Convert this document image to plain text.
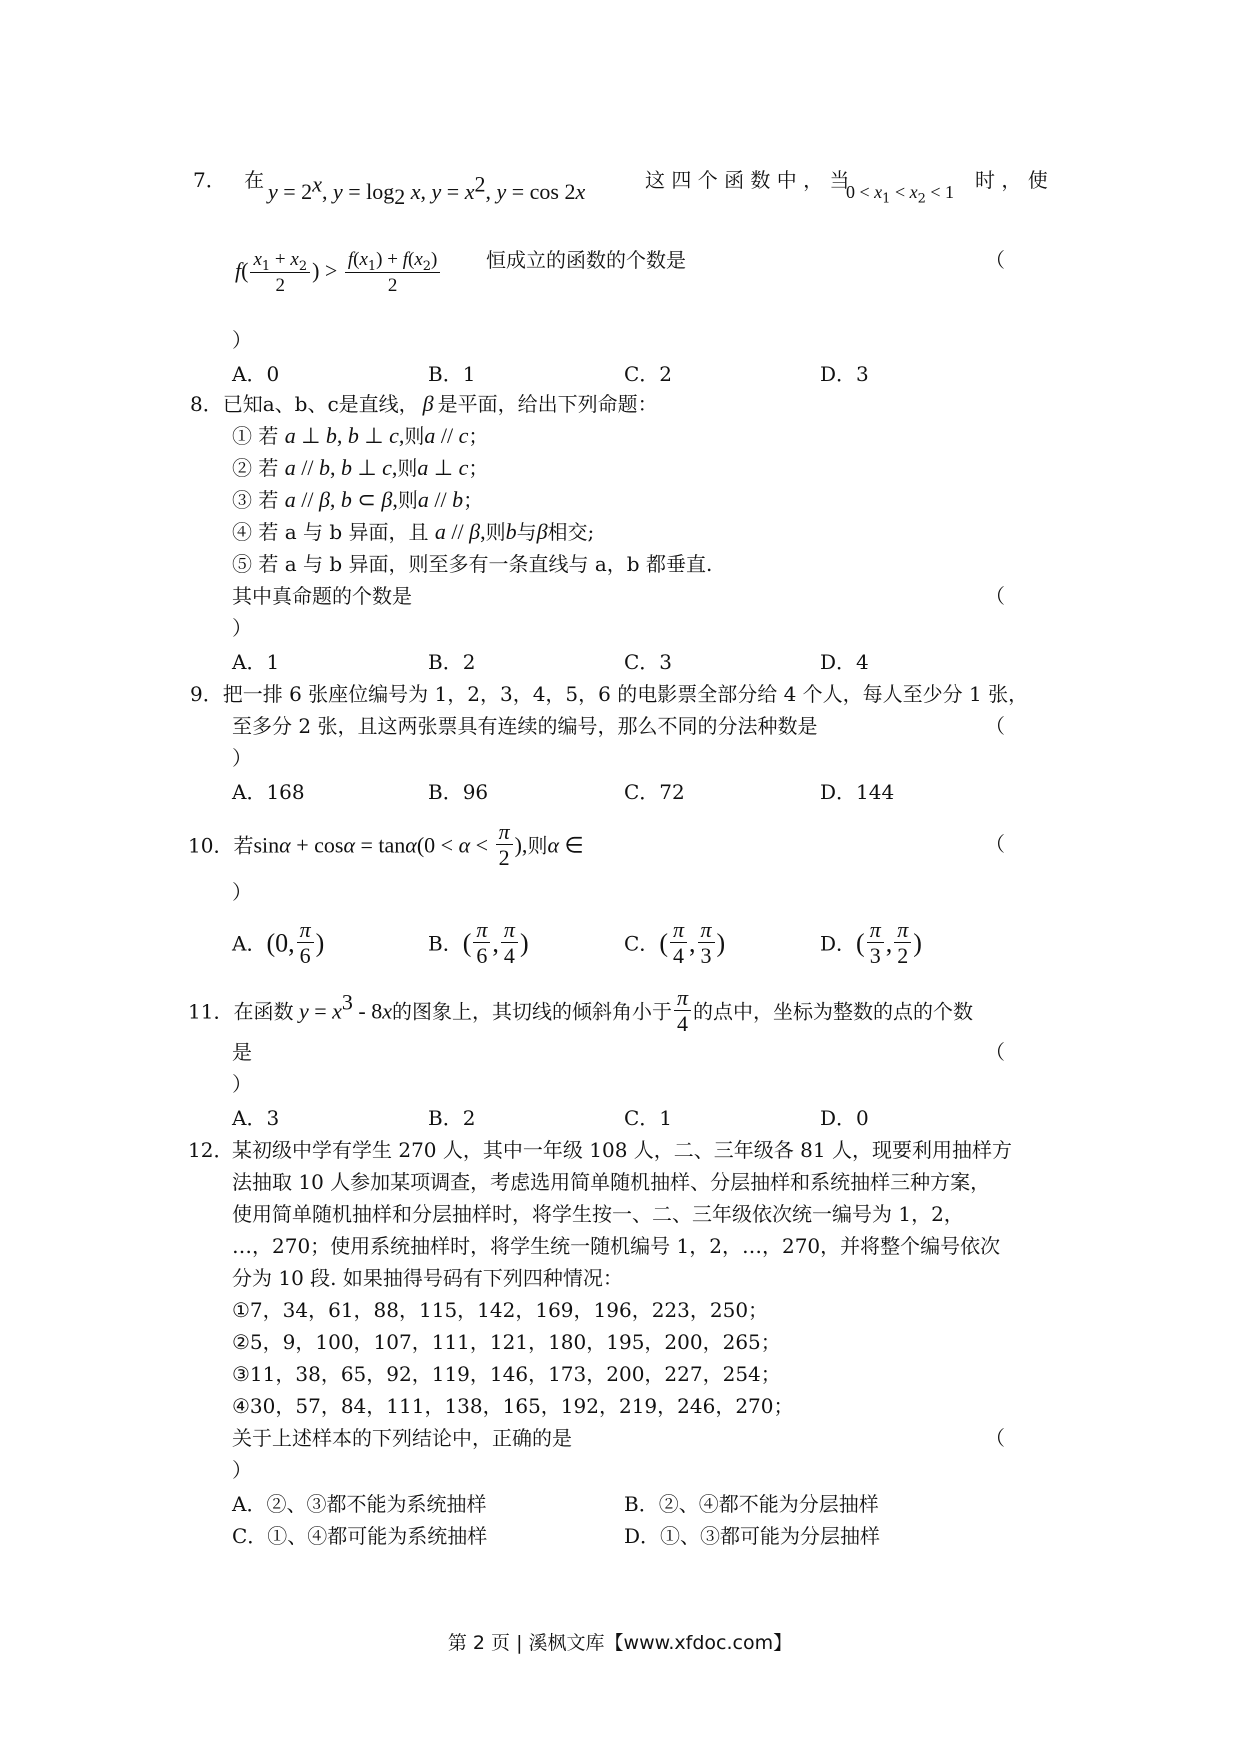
7． 在 $y = 2^x$, $y = \log_2 x$, $y = x^2$, y = cos 2x	这 四 个 函 数 中 ， 当
$0 < x_1 < x_2 < 1$ 时 ， 使
$f( \frac{x_1 + x_2}{2}$ ) > $\frac{f(x_1) + f(x_2)}{2}$ 恒成立的函数的个数是	（
）
A．0	B．1	C．2	D．3
8．已知a、b、c是直线， β 是平面，给出下列命题：
① 若 a ⊥ b, b ⊥ c,则a // c；
② 若 a // b, b ⊥ c,则a ⊥ c；
③ 若 a // β, b ⊂ β,则a // b；
④ 若 a 与 b 异面，且 a // β,则b与β相交;
⑤ 若 a 与 b 异面，则至多有一条直线与 a，b 都垂直.
其中真命题的个数是	（
）
A．1	B．2	C．3	D．4
9．把一排 6 张座位编号为 1，2，3，4，5，6 的电影票全部分给 4 个人，每人至少分 1 张，
至多分 2 张，且这两张票具有连续的编号，那么不同的分法种数是	（
）
A．168	B．96	C．72	D．144
10．若$\sin\alpha + \cos\alpha = \tan\alpha(0 < \alpha < \frac{\pi}{2}$ ),则α ∈	（
）
A．(0, $\frac{\pi}{6}$ )	B．( $\frac{\pi}{6}$ , $\frac{\pi}{4}$ )	C．( $\frac{\pi}{4}$ , $\frac{\pi}{3}$ )	D．( $\frac{\pi}{3}$ , $\frac{\pi}{2}$ )
11．在函数 $y = x^3 - 8x$的图象上，其切线的倾斜角小于 $\frac{\pi}{4}$ 的点中，坐标为整数的点的个数
是	（
）
A．3	B．2	C．1	D．0
12．
某初级中学有学生 270 人，其中一年级 108 人，二、三年级各 81 人，现要利用抽样方
法抽取 10 人参加某项调查，考虑选用简单随机抽样、分层抽样和系统抽样三种方案，
使用简单随机抽样和分层抽样时，将学生按一、二、三年级依次统一编号为 1，2，
…，270；使用系统抽样时，将学生统一随机编号 1，2，…，270，并将整个编号依次
分为 10 段. 如果抽得号码有下列四种情况：
①7，34，61，88，115，142，169，196，223，250；
②5，9，100，107，111，121，180，195，200，265；
③11，38，65，92，119，146，173，200，227，254；
④30，57，84，111，138，165，192，219，246，270；
关于上述样本的下列结论中，正确的是	（
）
A．②、③都不能为系统抽样	B．②、④都不能为分层抽样
C．①、④都可能为系统抽样	D．①、③都可能为分层抽样
第 2 页 | 溪枫文库【www.xfdoc.com】
